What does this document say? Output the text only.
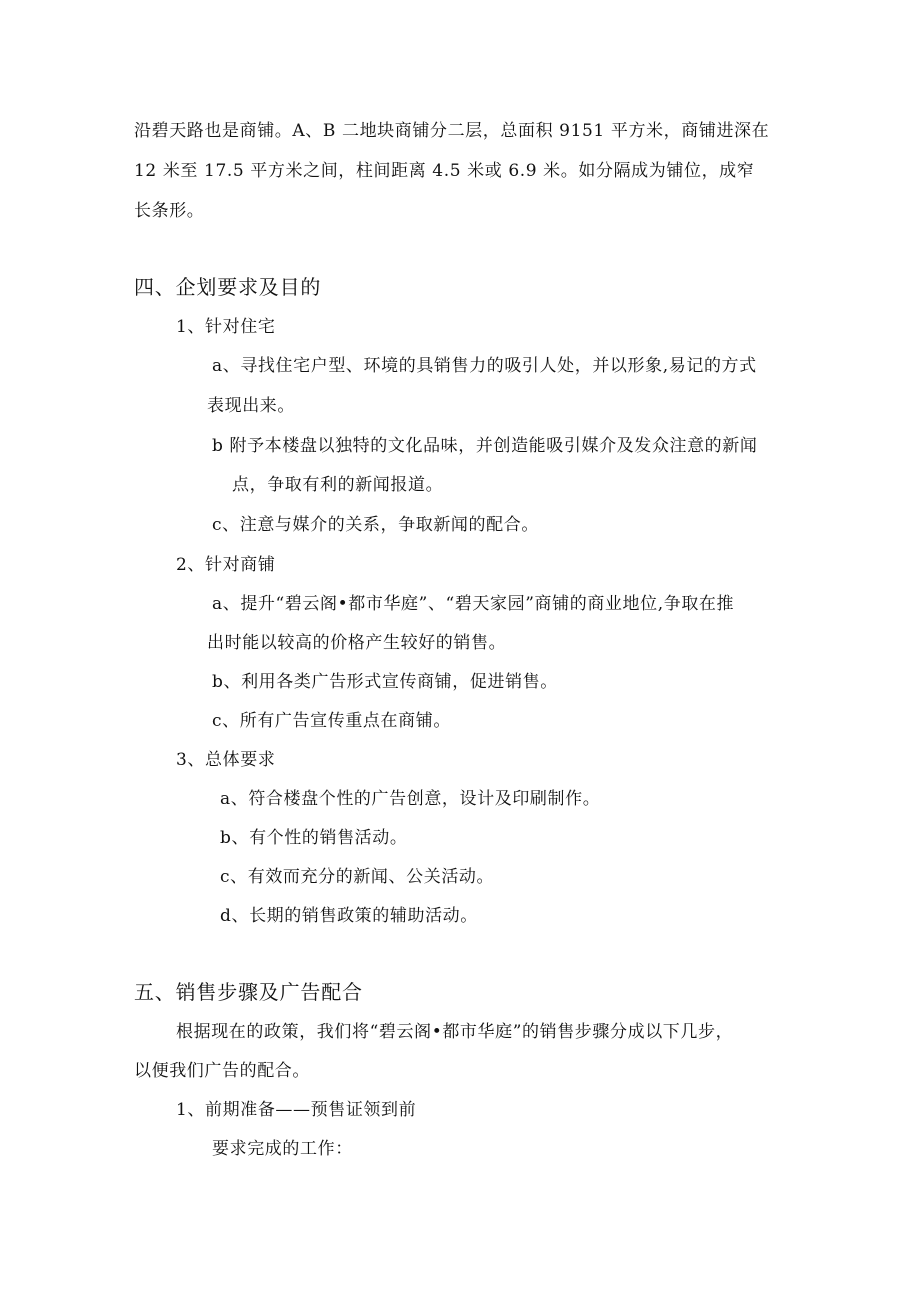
沿碧天路也是商铺。A、B 二地块商铺分二层，总面积 9151 平方米，商铺进深在
12 米至 17.5 平方米之间，柱间距离 4.5 米或 6.9 米。如分隔成为铺位，成窄
长条形。
四、企划要求及目的
1、针对住宅
a、寻找住宅户型、环境的具销售力的吸引人处，并以形象,易记的方式
表现出来。
b 附予本楼盘以独特的文化品味，并创造能吸引媒介及发众注意的新闻
点，争取有利的新闻报道。
c、注意与媒介的关系，争取新闻的配合。
2、针对商铺
a、提升“碧云阁•都市华庭”、“碧天家园”商铺的商业地位,争取在推
出时能以较高的价格产生较好的销售。
b、利用各类广告形式宣传商铺，促进销售。
c、所有广告宣传重点在商铺。
3、总体要求
a、符合楼盘个性的广告创意，设计及印刷制作。
b、有个性的销售活动。
c、有效而充分的新闻、公关活动。
d、长期的销售政策的辅助活动。
五、销售步骤及广告配合
根据现在的政策，我们将“碧云阁•都市华庭”的销售步骤分成以下几步，
以便我们广告的配合。
1、前期准备——预售证领到前
要求完成的工作：
